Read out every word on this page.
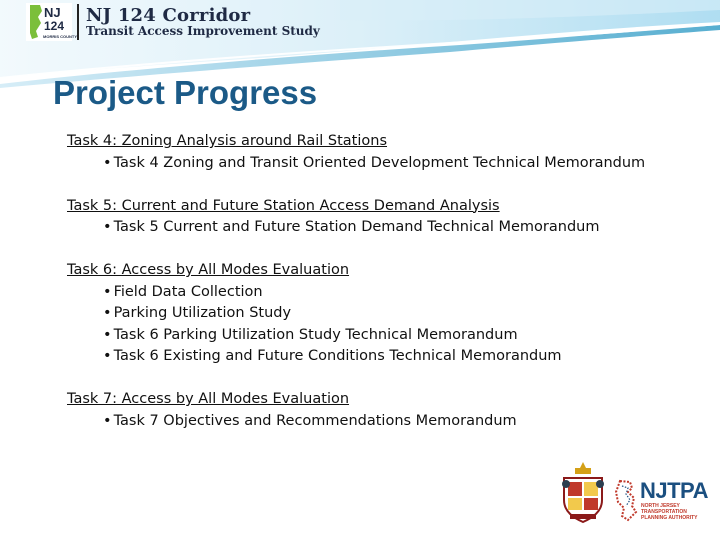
NJ
124
MORRIS COUNTY
NJ 124 Corridor
Transit Access Improvement Study
Project Progress
Task 4: Zoning Analysis around Rail Stations
• Task 4 Zoning and Transit Oriented Development Technical Memorandum
Task 5: Current and Future Station Access Demand Analysis
• Task 5 Current and Future Station Demand Technical Memorandum
Task 6: Access by All Modes Evaluation
• Field Data Collection
• Parking Utilization Study
• Task 6 Parking Utilization Study Technical Memorandum
• Task 6 Existing and Future Conditions Technical Memorandum
Task 7: Access by All Modes Evaluation
• Task 7 Objectives and Recommendations Memorandum
NJTPA
NORTH JERSEY
TRANSPORTATION
PLANNING AUTHORITY
